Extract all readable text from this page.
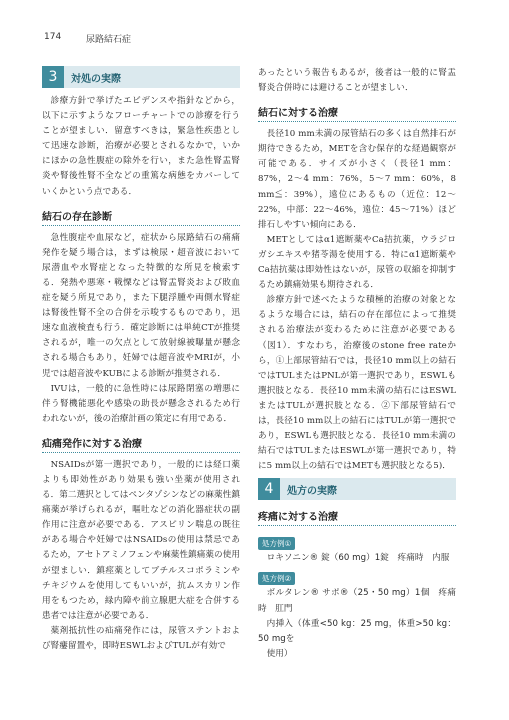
174	尿路結石症
3	対処の実際

診療方針で挙げたエビデンスや指針などから，以下に示すようなフローチャートでの診療を行うことが望ましい．留意すべきは，緊急性疾患として迅速な診断，治療が必要とされるなかで，いかにほかの急性腹症の除外を行い，また急性腎盂腎炎や腎後性腎不全などの重篤な病態をカバーしていくかという点である．

結石の存在診断

急性腹症や血尿など，症状から尿路結石の痛痛発作を疑う場合は，まずは検尿・超音波において尿潜血や水腎症となった特徴的な所見を検索する．発熱や悪寒・戦慄などは腎盂腎炎および敗血症を疑う所見であり，また下腿浮腫や両側水腎症は腎後性腎不全の合併を示唆するものであり，迅速な血液検査も行う．確定診断には単純CTが推奨されるが，唯一の欠点として放射線被曝量が懸念される場合もあり，妊婦では超音波やMRIが，小児では超音波やKUBによる診断が推奨される．

IVUは，一般的に急性時には尿路閉塞の増悪に伴う腎機能悪化や感染の助長が懸念されるため行われないが，後の治療計画の策定に有用である．

疝痛発作に対する治療

NSAIDsが第一選択であり，一般的には経口薬よりも即効性があり効果も強い坐薬が使用される．第二選択としてはペンタゾシンなどの麻薬性鎮痛薬が挙げられるが，嘔吐などの消化器症状の副作用に注意が必要である．アスピリン喘息の既往がある場合や妊婦ではNSAIDsの使用は禁忌であるため，アセトアミノフェンや麻薬性鎮痛薬の使用が望ましい．鎮痙薬としてブチルスコポラミンやチキジウムを使用してもいいが，抗ムスカリン作用をもつため，緑内障や前立腺肥大症を合併する患者では注意が必要である．

薬剤抵抗性の疝痛発作には，尿管ステントおよび腎瘻留置や，即時ESWLおよびTULが有効で

あったという報告もあるが，後者は一般的に腎盂腎炎合併時には避けることが望ましい．

結石に対する治療

長径10 mm未満の尿管結石の多くは自然排石が期待できるため，METを含む保存的な経過観察が可能である．サイズが小さく（長径1 mm：87%，2～4 mm：76%，5～7 mm：60%，8 mm≦：39%），遠位にあるもの（近位：12～22%，中部：22～46%，遠位：45～71%）ほど排石しやすい傾向にある．

METとしてはα1遮断薬やCa拮抗薬，ウラジロガシエキスや猪苓湯を使用する．特にα1遮断薬やCa拮抗薬は即効性はないが，尿管の収縮を抑制するため鎮痛効果も期待される．

診療方針で述べたような積極的治療の対象となるような場合には，結石の存在部位によって推奨される治療法が変わるために注意が必要である（図1）．すなわち，治療後のstone free rateから，①上部尿管結石では，長径10 mm以上の結石ではTULまたはPNLが第一選択であり，ESWLも選択肢となる．長径10 mm未満の結石にはESWLまたはTULが選択肢となる．②下部尿管結石では，長径10 mm以上の結石にはTULが第一選択であり，ESWLも選択肢となる．長径10 mm未満の結石ではTULまたはESWLが第一選択であり，特に5 mm以上の結石ではMETも選択肢となる5)．

4	処方の実際
疼痛に対する治療
処方例①

ロキソニン® 錠（60 mg）1錠　疼痛時　内服

処方例②

ボルタレン® サポ®（25・50 mg）1個　疼痛時　肛門

内挿入（体重<50 kg：25 mg，体重>50 kg：50 mgを

使用）
